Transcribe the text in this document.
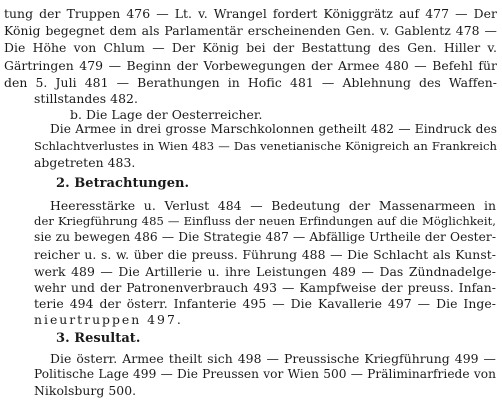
tung der Truppen 476 — Lt. v. Wrangel fordert Königgrätz auf 477 — Der
König begegnet dem als Parlamentär erscheinenden Gen. v. Gablentz 478 —
Die Höhe von Chlum — Der König bei der Bestattung des Gen. Hiller v.
Gärtringen 479 — Beginn der Vorbewegungen der Armee 480 — Befehl für
den 5. Juli 481 — Berathungen in Hofic 481 — Ablehnung des Waffen-
stillstandes 482.
b. Die Lage der Oesterreicher.
Die Armee in drei grosse Marschkolonnen getheilt 482 — Eindruck des
Schlachtverlustes in Wien 483 — Das venetianische Königreich an Frankreich
abgetreten 483.
2. Betrachtungen.
Heeresstärke u. Verlust 484 — Bedeutung der Massenarmeen in
der Kriegführung 485 — Einfluss der neuen Erfindungen auf die Möglichkeit,
sie zu bewegen 486 — Die Strategie 487 — Abfällige Urtheile der Oester-
reicher u. s. w. über die preuss. Führung 488 — Die Schlacht als Kunst-
werk 489 — Die Artillerie u. ihre Leistungen 489 — Das Zündnadelge-
wehr und der Patronenverbrauch 493 — Kampfweise der preuss. Infan-
terie 494 der österr. Infanterie 495 — Die Kavallerie 497 — Die Inge-
nieurtruppen 497.
3. Resultat.
Die österr. Armee theilt sich 498 — Preussische Kriegführung 499 —
Politische Lage 499 — Die Preussen vor Wien 500 — Präliminarfriede von
Nikolsburg 500.
